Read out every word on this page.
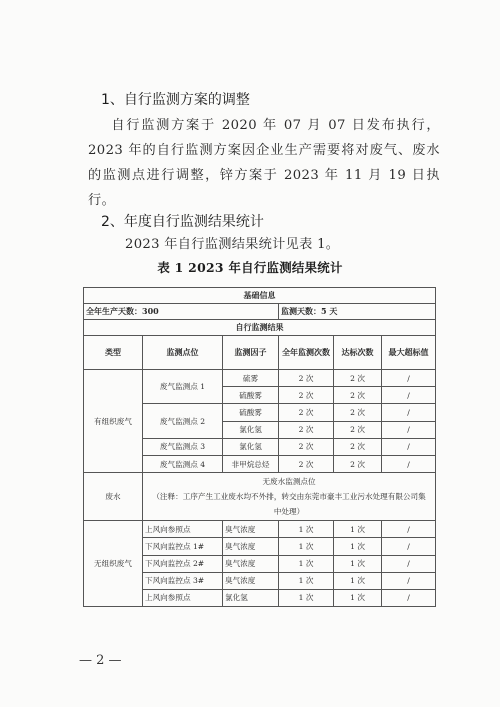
1、自行监测方案的调整
自行监测方案于 2020 年 07 月 07 日发布执行，2023 年的自行监测方案因企业生产需要将对废气、废水的监测点进行调整，锌方案于 2023 年 11 月 19 日执行。
2、年度自行监测结果统计
2023 年自行监测结果统计见表 1。
表 1 2023 年自行监测结果统计
基础信息					
全年生产天数：300			监测天数：5 天		
自行监测结果					
类型	监测点位	监测因子	全年监测次数	达标次数	最大超标值
有组织废气	废气监测点 1	硫雾	2 次	2 次	/
		硫酸雾	2 次	2 次	/
	废气监测点 2	硫酸雾	2 次	2 次	/
		氯化氢	2 次	2 次	/
	废气监测点 3	氯化氢	2 次	2 次	/
	废气监测点 4	非甲烷总烃	2 次	2 次	/
废水	无废水监测点位
（注释：工序产生工业废水均不外排，转交由东莞市豪丰工业污水处理有限公司集中处理）				

无组织废气	上风向参照点	臭气浓度	1 次	1 次	/
	下风向监控点 1#	臭气浓度	1 次	1 次	/
	下风向监控点 2#	臭气浓度	1 次	1 次	/
	下风向监控点 3#	臭气浓度	1 次	1 次	/
	上风向参照点	氯化氢	1 次	1 次	/
— 2 —
